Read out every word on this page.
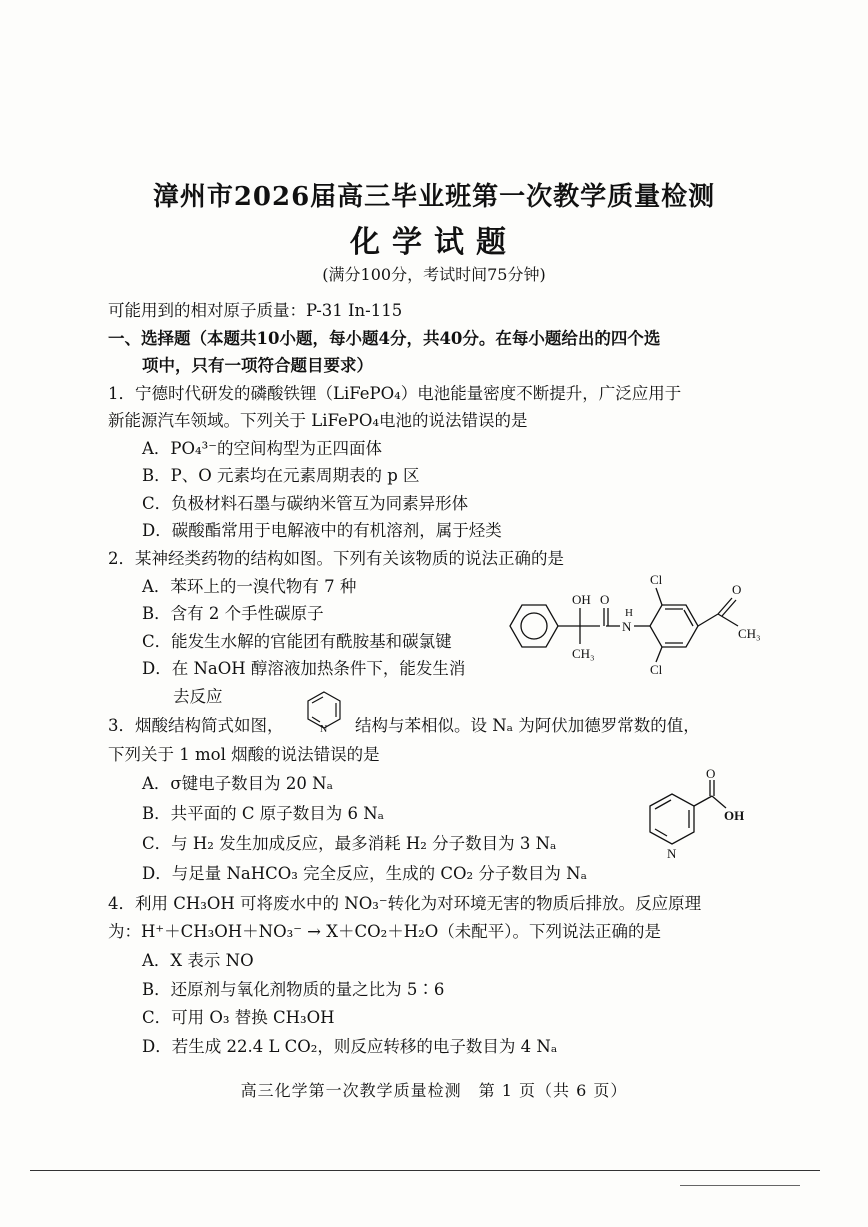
漳州市2026届高三毕业班第一次教学质量检测
化学试题
(满分100分，考试时间75分钟)
可能用到的相对原子质量：P-31 In-115
一、选择题（本题共10小题，每小题4分，共40分。在每小题给出的四个选
项中，只有一项符合题目要求）
1．宁德时代研发的磷酸铁锂（LiFePO₄）电池能量密度不断提升，广泛应用于
新能源汽车领域。下列关于 LiFePO₄电池的说法错误的是
A．PO₄³⁻的空间构型为正四面体
B．P、O 元素均在元素周期表的 p 区
C．负极材料石墨与碳纳米管互为同素异形体
D．碳酸酯常用于电解液中的有机溶剂，属于烃类
2．某神经类药物的结构如图。下列有关该物质的说法正确的是
A．苯环上的一溴代物有 7 种
B．含有 2 个手性碳原子
C．能发生水解的官能团有酰胺基和碳氯键
D．在 NaOH 醇溶液加热条件下，能发生消
去反应
OH O
CH₃
H
N
Cl
Cl
O
CH₃
3．烟酸结构简式如图，	N 结构与苯相似。设 Nₐ 为阿伏加德罗常数的值，
下列关于 1 mol 烟酸的说法错误的是
A．σ键电子数目为 20 Nₐ
B．共平面的 C 原子数目为 6 Nₐ
C．与 H₂ 发生加成反应，最多消耗 H₂ 分子数目为 3 Nₐ
D．与足量 NaHCO₃ 完全反应，生成的 CO₂ 分子数目为 Nₐ
O
OH
N
4．利用 CH₃OH 可将废水中的 NO₃⁻转化为对环境无害的物质后排放。反应原理
为：H⁺＋CH₃OH＋NO₃⁻ → X＋CO₂＋H₂O（未配平）。下列说法正确的是
A．X 表示 NO
B．还原剂与氧化剂物质的量之比为 5∶6
C．可用 O₃ 替换 CH₃OH
D．若生成 22.4 L CO₂，则反应转移的电子数目为 4 Nₐ
高三化学第一次教学质量检测　第 1 页（共 6 页）
